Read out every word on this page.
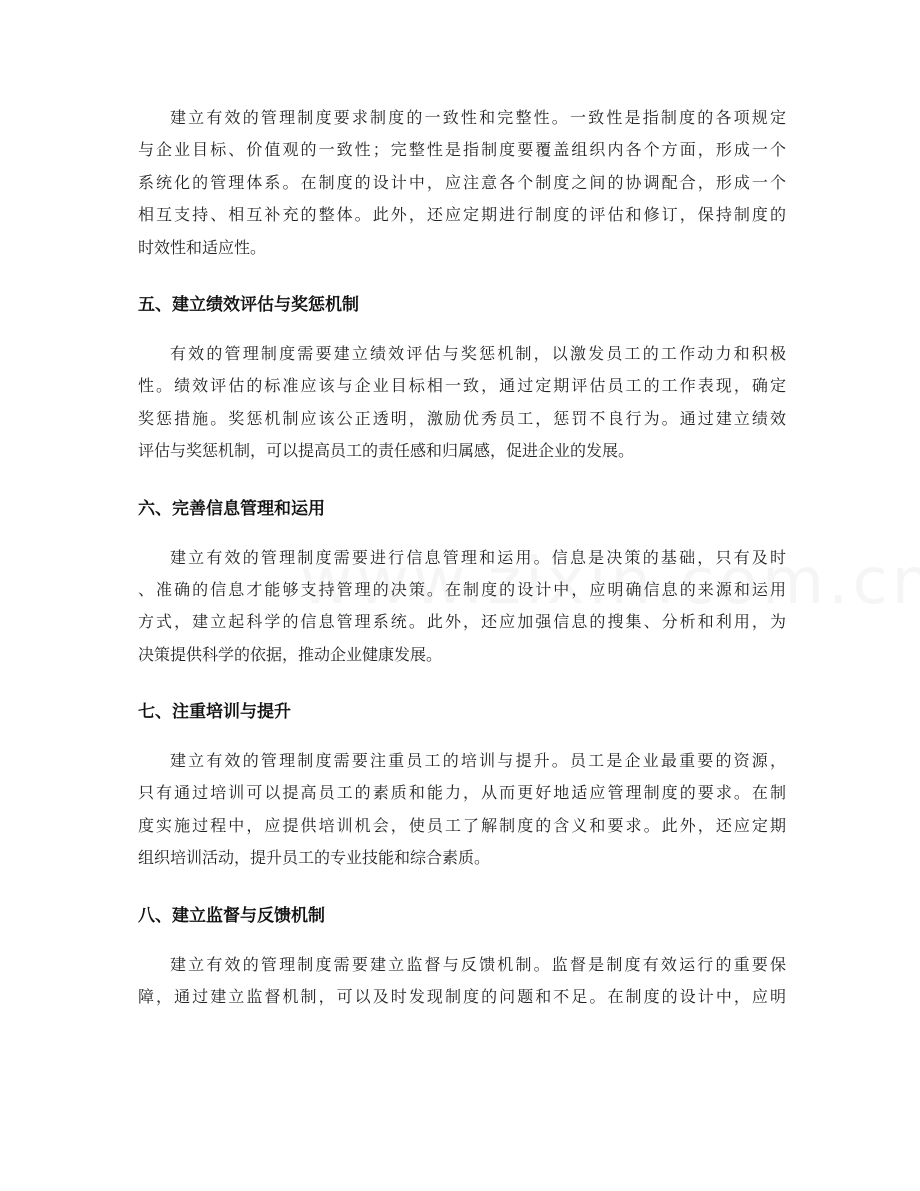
建立有效的管理制度要求制度的一致性和完整性。一致性是指制度的各项规定
与企业目标、价值观的一致性；完整性是指制度要覆盖组织内各个方面，形成一个
系统化的管理体系。在制度的设计中，应注意各个制度之间的协调配合，形成一个
相互支持、相互补充的整体。此外，还应定期进行制度的评估和修订，保持制度的
时效性和适应性。
五、建立绩效评估与奖惩机制
有效的管理制度需要建立绩效评估与奖惩机制，以激发员工的工作动力和积极
性。绩效评估的标准应该与企业目标相一致，通过定期评估员工的工作表现，确定
奖惩措施。奖惩机制应该公正透明，激励优秀员工，惩罚不良行为。通过建立绩效
评估与奖惩机制，可以提高员工的责任感和归属感，促进企业的发展。
六、完善信息管理和运用
建立有效的管理制度需要进行信息管理和运用。信息是决策的基础，只有及时
、准确的信息才能够支持管理的决策。在制度的设计中，应明确信息的来源和运用
方式，建立起科学的信息管理系统。此外，还应加强信息的搜集、分析和利用，为
决策提供科学的依据，推动企业健康发展。
七、注重培训与提升
建立有效的管理制度需要注重员工的培训与提升。员工是企业最重要的资源，
只有通过培训可以提高员工的素质和能力，从而更好地适应管理制度的要求。在制
度实施过程中，应提供培训机会，使员工了解制度的含义和要求。此外，还应定期
组织培训活动，提升员工的专业技能和综合素质。
八、建立监督与反馈机制
建立有效的管理制度需要建立监督与反馈机制。监督是制度有效运行的重要保
障，通过建立监督机制，可以及时发现制度的问题和不足。在制度的设计中，应明
